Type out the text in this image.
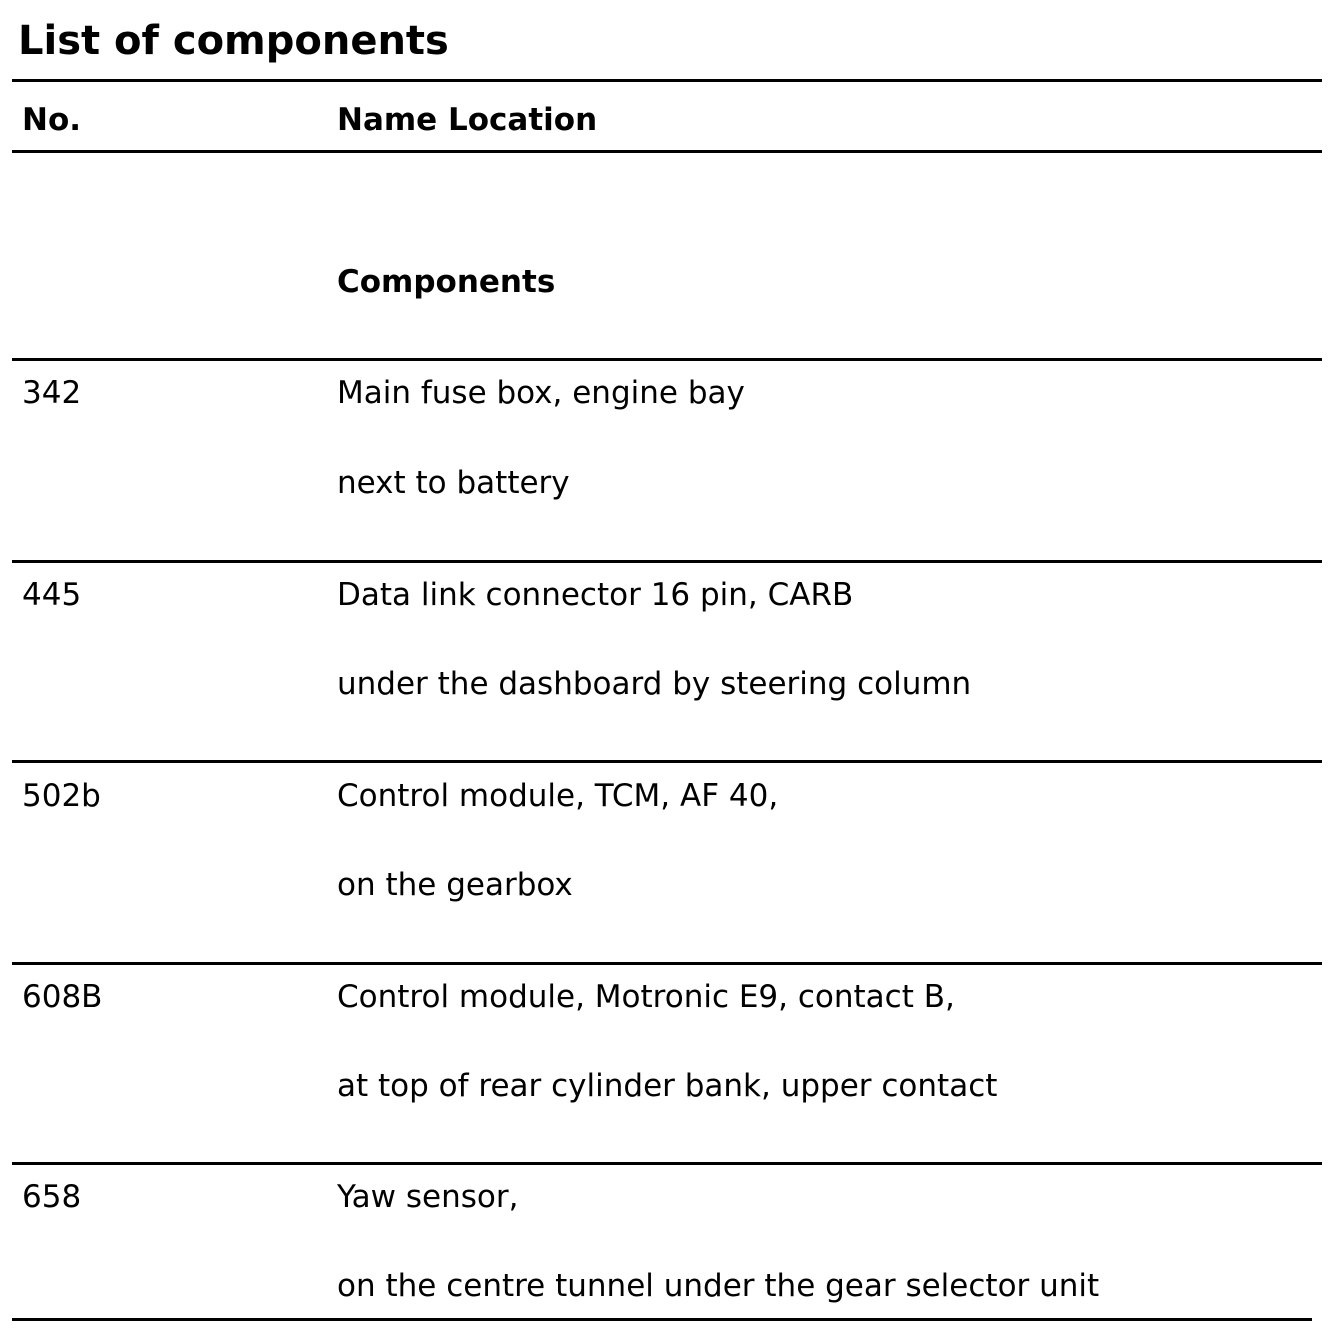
List of components
No.	Name Location
Components
342	Main fuse box, engine bay
next to battery
445	Data link connector 16 pin, CARB
under the dashboard by steering column
502b	Control module, TCM, AF 40,
on the gearbox
608B	Control module, Motronic E9, contact B,
at top of rear cylinder bank, upper contact
658	Yaw sensor,
on the centre tunnel under the gear selector unit
